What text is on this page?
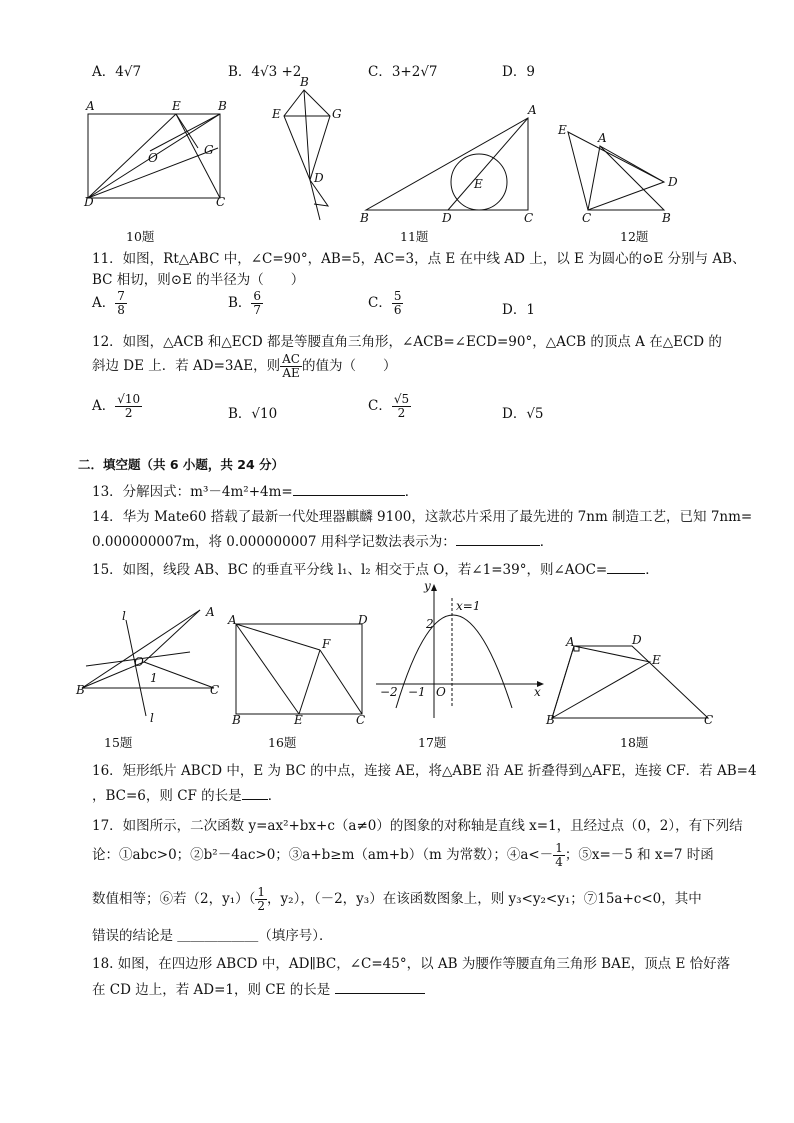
A．4√7	B．4√3 +2	C．3+2√7	D．9
A	E	B
O
G
D	C
B
E	G
D
A
E
B	D	C
E
A
D
C	B
10题	11题	12题
11．如图，Rt△ABC 中，∠C=90°，AB=5，AC=3，点 E 在中线 AD 上，以 E 为圆心的⊙E 分别与 AB、
BC 相切，则⊙E 的半径为（　　）
A． $\frac{7}{8}$	B． $\frac{6}{7}$	C． $\frac{5}{6}$	D．1
12．如图，△ACB 和△ECD 都是等腰直角三角形，∠ACB=∠ECD=90°，△ACB 的顶点 A 在△ECD 的
斜边 DE 上．若 AD=3AE，则 $\frac{AC}{AE}$ 的值为（　　）
A． $\frac{√10}{2}$	B．√10	C． $\frac{√5}{2}$	D．√5
二．填空题（共 6 小题，共 24 分）
13．分解因式：m³－4m²+4m=	．
14．华为 Mate60 搭载了最新一代处理器麒麟 9100，这款芯片采用了最先进的 7nm 制造工艺，已知 7nm=
0.000000007m，将 0.000000007 用科学记数法表示为：	．
15．如图，线段 AB、BC 的垂直平分线 l₁、l₂ 相交于点 O，若∠1=39°，则∠AOC=	．
l	A
O
1
B	C
l
A	D
F
B	E	C
y
x
x=1
2
O
−1
−2
A	D
E
B	C
15题	16题	17题	18题
16．矩形纸片 ABCD 中，E 为 BC 的中点，连接 AE，将△ABE 沿 AE 折叠得到△AFE，连接 CF．若 AB=4
，BC=6，则 CF 的长是 ．
17．如图所示，二次函数 y=ax²+bx+c（a≠0）的图象的对称轴是直线 x=1，且经过点（0，2），有下列结
论：①abc>0；②b²－4ac>0；③a+b≥m（am+b）（m 为常数）；④a<－ $\frac{1}{4}$ ；⑤x=－5 和 x=7 时函
数值相等；⑥若（2，$y_1)( \frac{1}{2}$ ，y₂），（－2，y₃）在该函数图象上，则 y₃<y₂<y₁；⑦15a+c<0，其中
错误的结论是 ＿＿＿＿＿＿（填序号）．
18. 如图，在四边形 ABCD 中，AD∥BC，∠C=45°，以 AB 为腰作等腰直角三角形 BAE，顶点 E 恰好落
在 CD 边上，若 AD=1，则 CE 的长是
